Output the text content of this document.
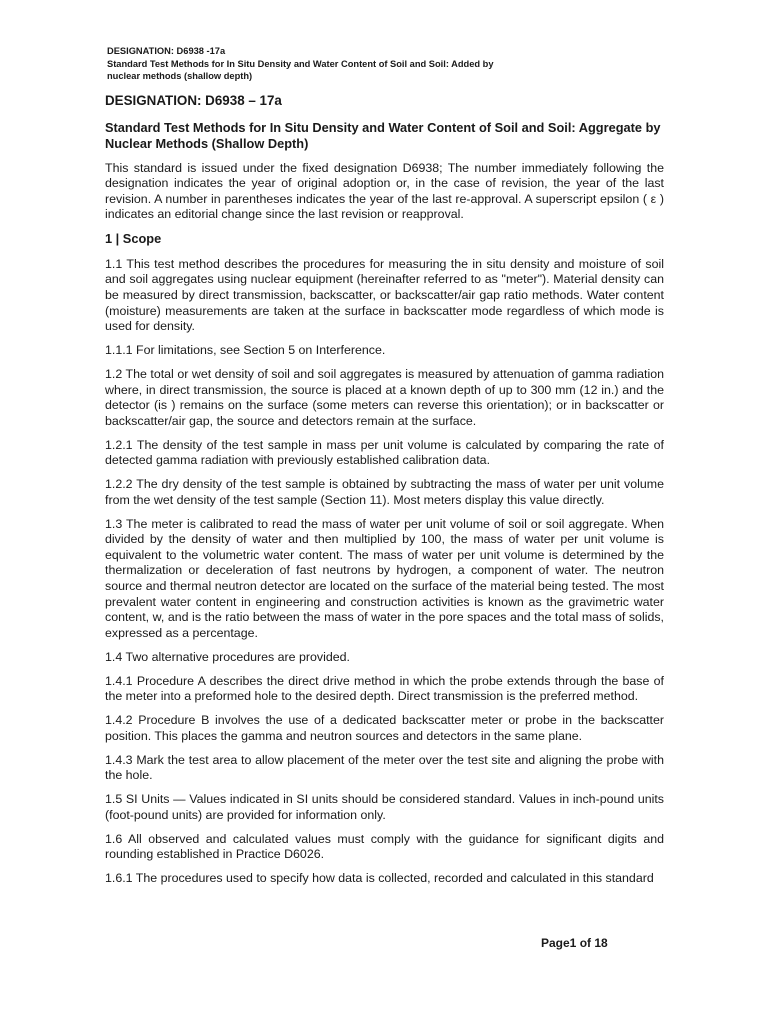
DESIGNATION: D6938 -17a
Standard Test Methods for In Situ Density and Water Content of Soil and Soil: Added by
nuclear methods (shallow depth)

DESIGNATION: D6938 – 17a

Standard Test Methods for In Situ Density and Water Content of Soil and Soil: Aggregate by Nuclear Methods (Shallow Depth)

This standard is issued under the fixed designation D6938; The number immediately following the designation indicates the year of original adoption or, in the case of revision, the year of the last revision. A number in parentheses indicates the year of the last re-approval. A superscript epsilon ( ε ) indicates an editorial change since the last revision or reapproval.

1 | Scope

1.1 This test method describes the procedures for measuring the in situ density and moisture of soil and soil aggregates using nuclear equipment (hereinafter referred to as "meter"). Material density can be measured by direct transmission, backscatter, or backscatter/air gap ratio methods. Water content (moisture) measurements are taken at the surface in backscatter mode regardless of which mode is used for density.

1.1.1 For limitations, see Section 5 on Interference.

1.2 The total or wet density of soil and soil aggregates is measured by attenuation of gamma radiation where, in direct transmission, the source is placed at a known depth of up to 300 mm (12 in.) and the detector (is ) remains on the surface (some meters can reverse this orientation); or in backscatter or backscatter/air gap, the source and detectors remain at the surface.

1.2.1 The density of the test sample in mass per unit volume is calculated by comparing the rate of detected gamma radiation with previously established calibration data.

1.2.2 The dry density of the test sample is obtained by subtracting the mass of water per unit volume from the wet density of the test sample (Section 11). Most meters display this value directly.

1.3 The meter is calibrated to read the mass of water per unit volume of soil or soil aggregate. When divided by the density of water and then multiplied by 100, the mass of water per unit volume is equivalent to the volumetric water content. The mass of water per unit volume is determined by the thermalization or deceleration of fast neutrons by hydrogen, a component of water. The neutron source and thermal neutron detector are located on the surface of the material being tested. The most prevalent water content in engineering and construction activities is known as the gravimetric water content, w, and is the ratio between the mass of water in the pore spaces and the total mass of solids, expressed as a percentage.

1.4 Two alternative procedures are provided.

1.4.1 Procedure A describes the direct drive method in which the probe extends through the base of the meter into a preformed hole to the desired depth. Direct transmission is the preferred method.

1.4.2 Procedure B involves the use of a dedicated backscatter meter or probe in the backscatter position. This places the gamma and neutron sources and detectors in the same plane.

1.4.3 Mark the test area to allow placement of the meter over the test site and aligning the probe with the hole.

1.5 SI Units — Values indicated in SI units should be considered standard. Values in inch-pound units (foot-pound units) are provided for information only.

1.6 All observed and calculated values must comply with the guidance for significant digits and rounding established in Practice D6026.

1.6.1 The procedures used to specify how data is collected, recorded and calculated in this standard

Page1 of 18
